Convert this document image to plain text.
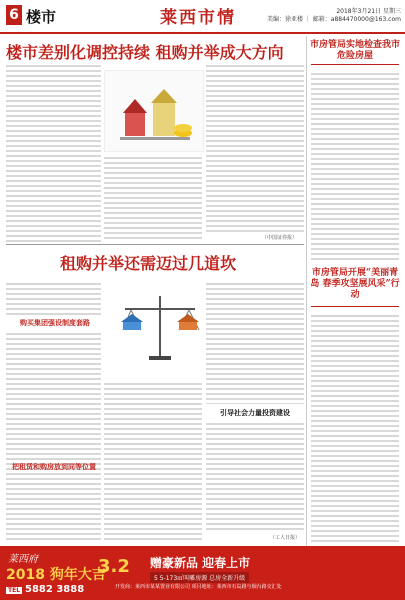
6 楼市	莱西市情	2018年3月21日 星期三
美编：徐亚楼 ｜ 邮箱：a884470000@163.com
楼市差别化调控持续 租购并举成大方向
（中国证券报）
租购并举还需迈过几道坎
购买集团强设制度套路
把租赁和购房放到同等位置
引导社会力量投资建设
（工人日报）
市房管局实地检查我市危险房屋
市房管局开展“美丽青岛 春季攻坚展风采”行动
莱西府
2018 狗年大吉
3.2 赠豪新品 迎春上市
5 5-173㎡叫雕房源 总房全新升级
TEL 5882 3888	开发商：莱西市某某置业有限公司 项目地址：莱西市石岛路与烟台路交汇处
